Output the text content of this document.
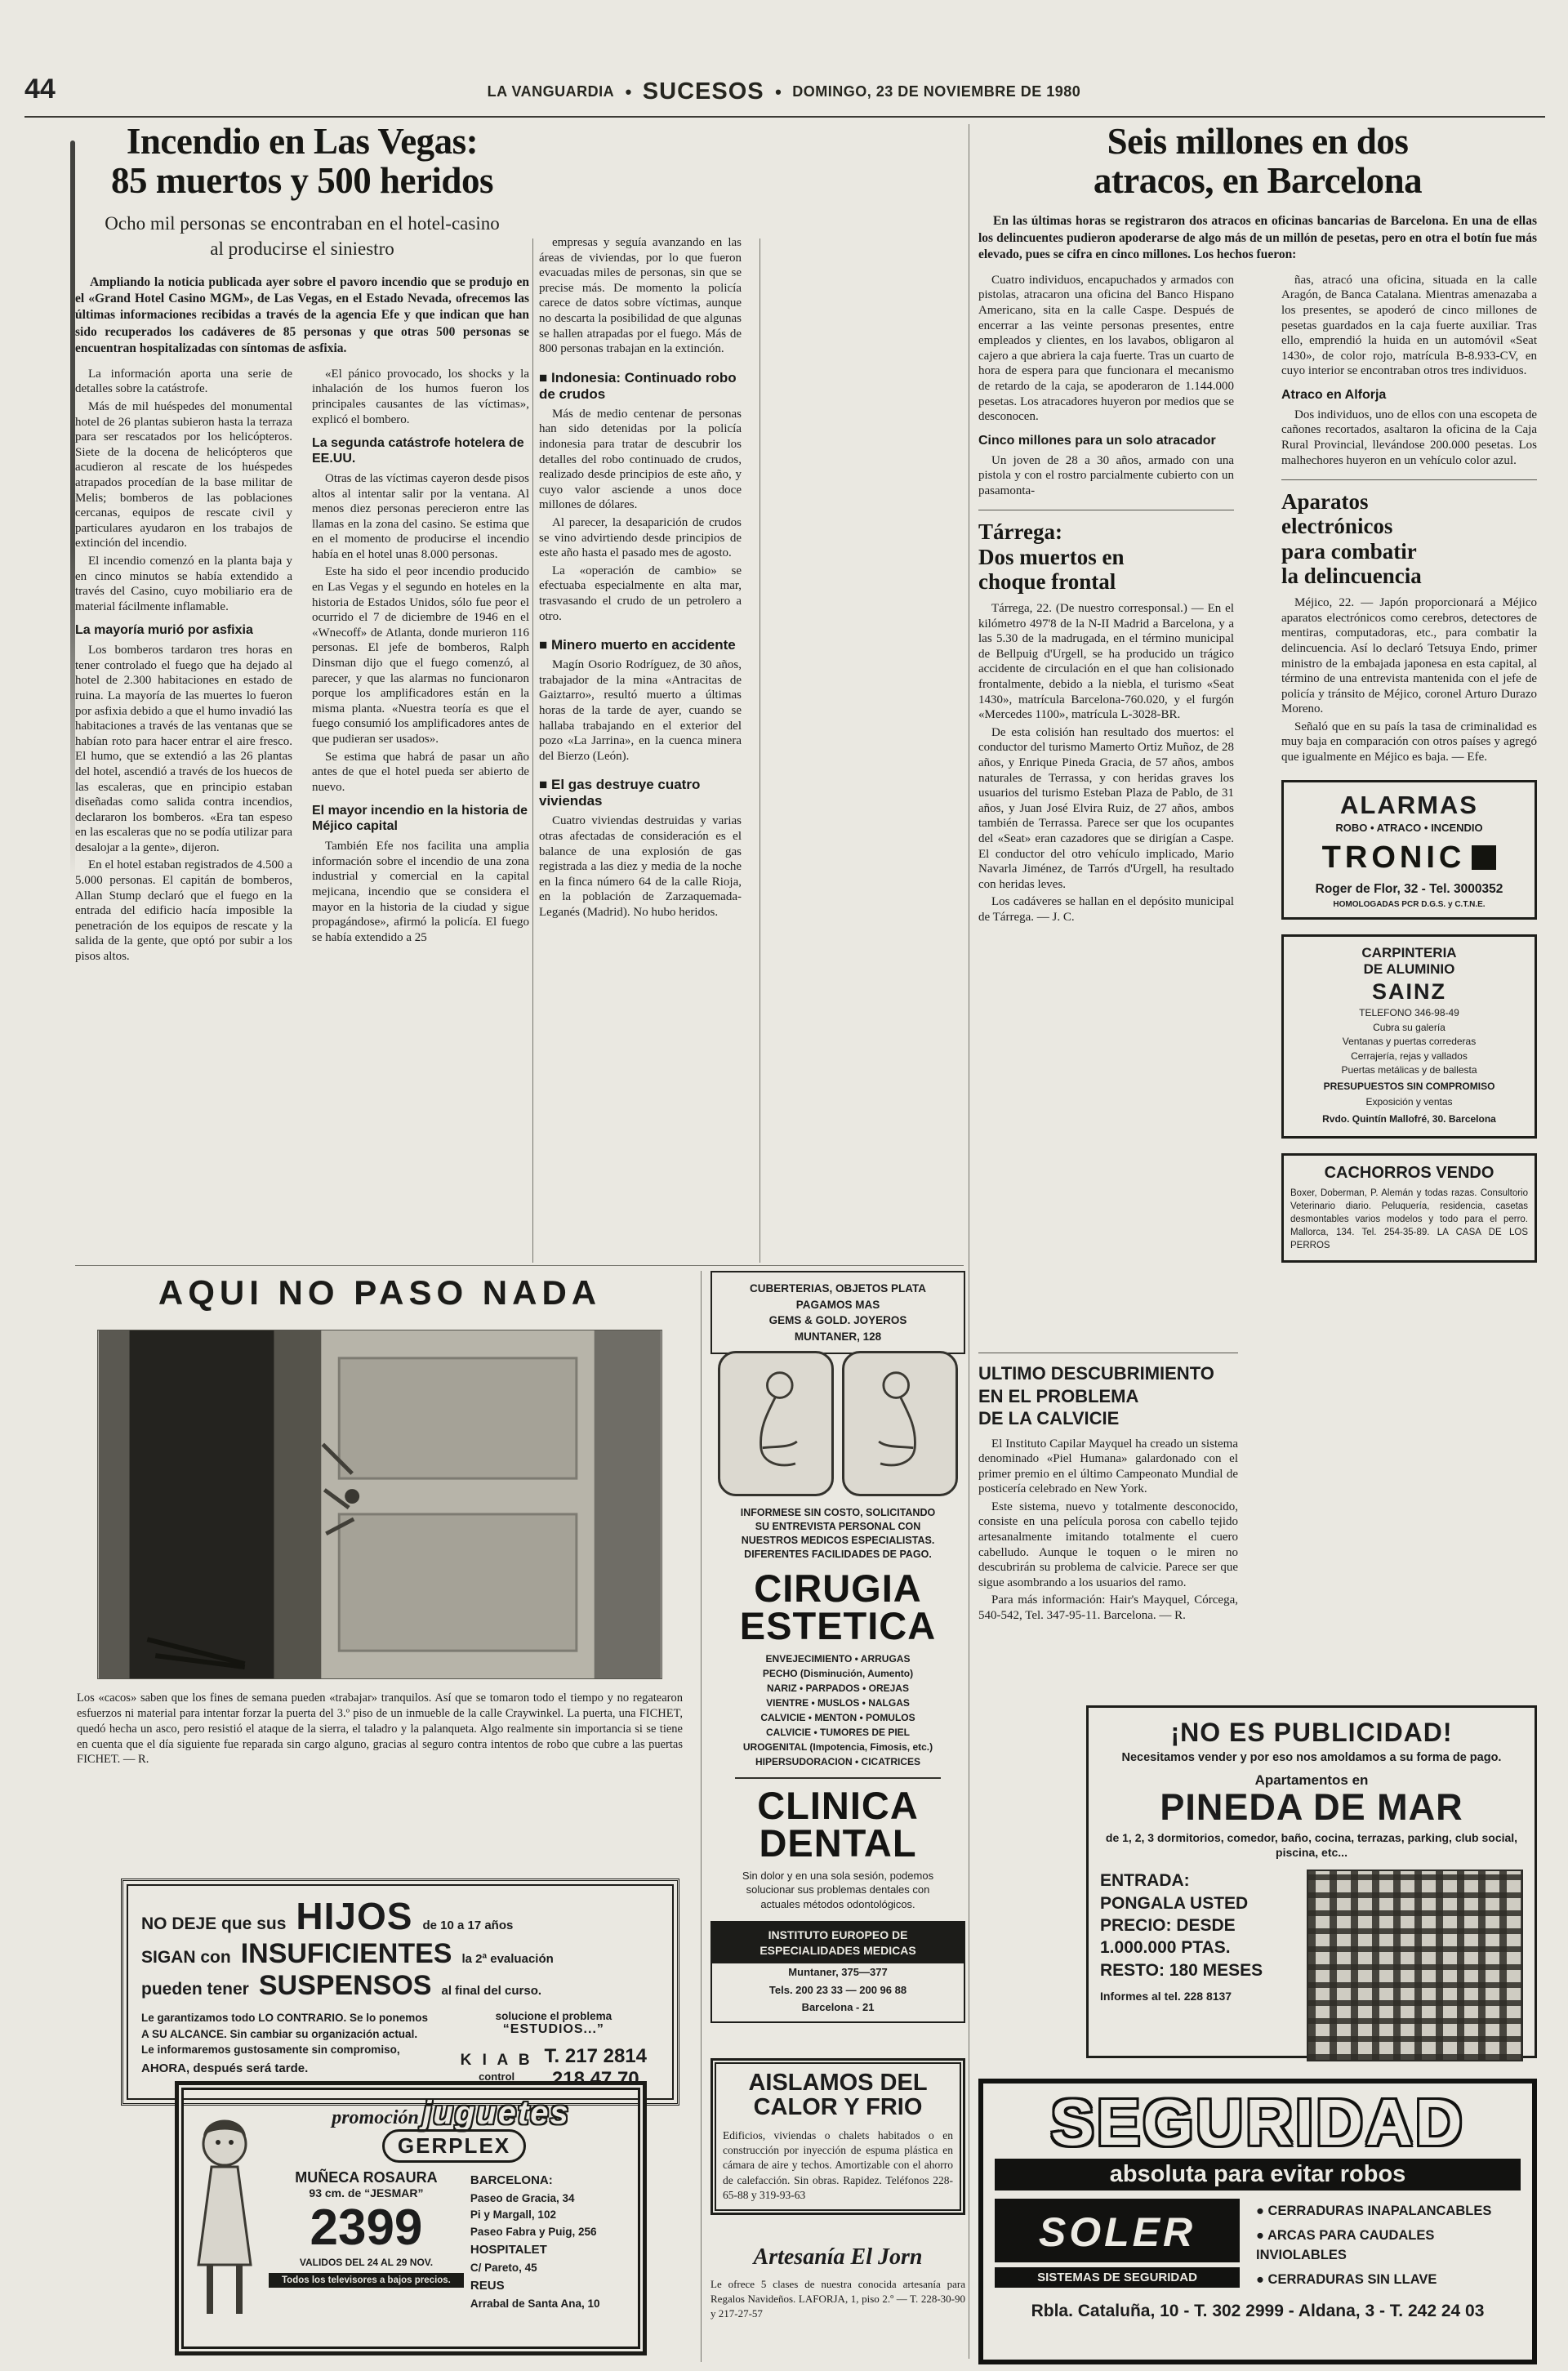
44	LA VANGUARDIA • SUCESOS • DOMINGO, 23 DE NOVIEMBRE DE 1980
Incendio en Las Vegas:
85 muertos y 500 heridos
Ocho mil personas se encontraban en el hotel-casino
al producirse el siniestro

Ampliando la noticia publicada ayer sobre el pavoro incendio que se produjo en el «Grand Hotel Casino MGM», de Las Vegas, en el Estado Nevada, ofrecemos las últimas informaciones recibidas a través de la agencia Efe y que indican que han sido recuperados los cadáveres de 85 personas y que otras 500 personas se encuentran hospitalizadas con síntomas de asfixia.

La información aporta una serie de detalles sobre la catástrofe.

Más de mil huéspedes del monumental hotel de 26 plantas subieron hasta la terraza para ser rescatados por los helicópteros. Siete de la docena de helicópteros que acudieron al rescate de los huéspedes atrapados procedían de la base militar de Melis; bomberos de las poblaciones cercanas, equipos de rescate civil y particulares ayudaron en los trabajos de extinción del incendio.

El incendio comenzó en la planta baja y en cinco minutos se había extendido a través del Casino, cuyo mobiliario era de material fácilmente inflamable.

La mayoría murió por asfixia

Los bomberos tardaron tres horas en tener controlado el fuego que ha dejado al hotel de 2.300 habitaciones en estado de ruina. La mayoría de las muertes lo fueron por asfixia debido a que el humo invadió las habitaciones a través de las ventanas que se habían roto para hacer entrar el aire fresco. El humo, que se extendió a las 26 plantas del hotel, ascendió a través de los huecos de las escaleras, que en principio estaban diseñadas como salida contra incendios, declararon los bomberos. «Era tan espeso en las escaleras que no se podía utilizar para desalojar a la gente», dijeron.

En el hotel estaban registrados de 4.500 a 5.000 personas. El capitán de bomberos, Allan Stump declaró que el fuego en la entrada del edificio hacía imposible la penetración de los equipos de rescate y la salida de la gente, que optó por subir a los pisos altos.

«El pánico provocado, los shocks y la inhalación de los humos fueron los principales causantes de las víctimas», explicó el bombero.

La segunda catástrofe hotelera de EE.UU.

Otras de las víctimas cayeron desde pisos altos al intentar salir por la ventana. Al menos diez personas perecieron entre las llamas en la zona del casino. Se estima que en el momento de producirse el incendio había en el hotel unas 8.000 personas.

Este ha sido el peor incendio producido en Las Vegas y el segundo en hoteles en la historia de Estados Unidos, sólo fue peor el ocurrido el 7 de diciembre de 1946 en el «Wnecoff» de Atlanta, donde murieron 116 personas. El jefe de bomberos, Ralph Dinsman dijo que el fuego comenzó, al parecer, y que las alarmas no funcionaron porque los amplificadores están en la misma planta. «Nuestra teoría es que el fuego consumió los amplificadores antes de que pudieran ser usados».

Se estima que habrá de pasar un año antes de que el hotel pueda ser abierto de nuevo.

El mayor incendio en la historia de Méjico capital

También Efe nos facilita una amplia información sobre el incendio de una zona industrial y comercial en la capital mejicana, incendio que se considera el mayor en la historia de la ciudad y sigue propagándose», afirmó la policía. El fuego se había extendido a 25

empresas y seguía avanzando en las áreas de viviendas, por lo que fueron evacuadas miles de personas, sin que se precise más. De momento la policía carece de datos sobre víctimas, aunque no descarta la posibilidad de que algunas se hallen atrapadas por el fuego. Más de 800 personas trabajan en la extinción.

■ Indonesia: Continuado robo de crudos

Más de medio centenar de personas han sido detenidas por la policía indonesia para tratar de descubrir los detalles del robo continuado de crudos, realizado desde principios de este año, y cuyo valor asciende a unos doce millones de dólares.

Al parecer, la desaparición de crudos se vino advirtiendo desde principios de este año hasta el pasado mes de agosto.

La «operación de cambio» se efectuaba especialmente en alta mar, trasvasando el crudo de un petrolero a otro.

■ Minero muerto en accidente

Magín Osorio Rodríguez, de 30 años, trabajador de la mina «Antracitas de Gaiztarro», resultó muerto a últimas horas de la tarde de ayer, cuando se hallaba trabajando en el exterior del pozo «La Jarrina», en la cuenca minera del Bierzo (León).

■ El gas destruye cuatro viviendas

Cuatro viviendas destruidas y varias otras afectadas de consideración es el balance de una explosión de gas registrada a las diez y media de la noche en la finca número 64 de la calle Rioja, en la población de Zarzaquemada-Leganés (Madrid). No hubo heridos.

Seis millones en dos
atracos, en Barcelona

En las últimas horas se registraron dos atracos en oficinas bancarias de Barcelona. En una de ellas los delincuentes pudieron apoderarse de algo más de un millón de pesetas, pero en otra el botín fue más elevado, pues se cifra en cinco millones. Los hechos fueron:

Cuatro individuos, encapuchados y armados con pistolas, atracaron una oficina del Banco Hispano Americano, sita en la calle Caspe. Después de encerrar a las veinte personas presentes, entre empleados y clientes, en los lavabos, obligaron al cajero a que abriera la caja fuerte. Tras un cuarto de hora de espera para que funcionara el mecanismo de retardo de la caja, se apoderaron de 1.144.000 pesetas. Los atracadores huyeron por medios que se desconocen.

Cinco millones para un solo atracador

Un joven de 28 a 30 años, armado con una pistola y con el rostro parcialmente cubierto con un pasamonta-

Tárrega:
Dos muertos en
choque frontal

Tárrega, 22. (De nuestro corresponsal.) — En el kilómetro 497'8 de la N-II Madrid a Barcelona, y a las 5.30 de la madrugada, en el término municipal de Bellpuig d'Urgell, se ha producido un trágico accidente de circulación en el que han colisionado frontalmente, debido a la niebla, el turismo «Seat 1430», matrícula Barcelona-760.020, y el furgón «Mercedes 1100», matrícula L-3028-BR.

De esta colisión han resultado dos muertos: el conductor del turismo Mamerto Ortiz Muñoz, de 28 años, y Enrique Pineda Gracia, de 57 años, ambos naturales de Terrassa, y con heridas graves los usuarios del turismo Esteban Plaza de Pablo, de 31 años, y Juan José Elvira Ruiz, de 27 años, ambos también de Terrassa. Parece ser que los ocupantes del «Seat» eran cazadores que se dirigían a Caspe. El conductor del otro vehículo implicado, Mario Navarla Jiménez, de Tarrós d'Urgell, ha resultado con heridas leves.

Los cadáveres se hallan en el depósito municipal de Tárrega. — J. C.

ñas, atracó una oficina, situada en la calle Aragón, de Banca Catalana. Mientras amenazaba a los presentes, se apoderó de cinco millones de pesetas guardados en la caja fuerte auxiliar. Tras ello, emprendió la huida en un automóvil «Seat 1430», de color rojo, matrícula B-8.933-CV, en cuyo interior se encontraban otros tres individuos.

Atraco en Alforja

Dos individuos, uno de ellos con una escopeta de cañones recortados, asaltaron la oficina de la Caja Rural Provincial, llevándose 200.000 pesetas. Los malhechores huyeron en un vehículo color azul.

Aparatos
electrónicos
para combatir
la delincuencia

Méjico, 22. — Japón proporcionará a Méjico aparatos electrónicos como cerebros, detectores de mentiras, computadoras, etc., para combatir la delincuencia. Así lo declaró Tetsuya Endo, primer ministro de la embajada japonesa en esta capital, al término de una entrevista mantenida con el jefe de policía y tránsito de Méjico, coronel Arturo Durazo Moreno.

Señaló que en su país la tasa de criminalidad es muy baja en comparación con otros países y agregó que igualmente en Méjico es baja. — Efe.

ALARMAS
ROBO • ATRACO • INCENDIO
TRONIC
Roger de Flor, 32 - Tel. 3000352
HOMOLOGADAS PCR D.G.S. y C.T.N.E.
CARPINTERIA
DE ALUMINIO
SAINZ
TELEFONO 346-98-49
Cubra su galería
Ventanas y puertas correderas
Cerrajería, rejas y vallados
Puertas metálicas y de ballesta
PRESUPUESTOS SIN COMPROMISO
Exposición y ventas
Rvdo. Quintín Mallofré, 30. Barcelona
CACHORROS VENDO
Boxer, Doberman, P. Alemán y todas razas. Consultorio Veterinario diario. Peluquería, residencia, casetas desmontables varios modelos y todo para el perro. Mallorca, 134. Tel. 254-35-89. LA CASA DE LOS PERROS
ULTIMO DESCUBRIMIENTO
EN EL PROBLEMA
DE LA CALVICIE

El Instituto Capilar Mayquel ha creado un sistema denominado «Piel Humana» galardonado con el primer premio en el último Campeonato Mundial de posticería celebrado en New York.

Este sistema, nuevo y totalmente desconocido, consiste en una película porosa con cabello tejido artesanalmente imitando totalmente el cuero cabelludo. Aunque le toquen o le miren no descubrirán su problema de calvicie. Parece ser que sigue asombrando a los usuarios del ramo.

Para más información: Hair's Mayquel, Córcega, 540-542, Tel. 347-95-11. Barcelona. — R.

AQUI NO PASO NADA

Los «cacos» saben que los fines de semana pueden «trabajar» tranquilos. Así que se tomaron todo el tiempo y no regatearon esfuerzos ni material para intentar forzar la puerta del 3.º piso de un inmueble de la calle Craywinkel. La puerta, una FICHET, quedó hecha un asco, pero resistió el ataque de la sierra, el taladro y la palanqueta. Algo realmente sin importancia si se tiene en cuenta que el día siguiente fue reparada sin cargo alguno, gracias al seguro contra intentos de robo que cubre a las puertas FICHET. — R.

CUBERTERIAS, OBJETOS PLATA
PAGAMOS MAS
GEMS & GOLD. JOYEROS
MUNTANER, 128
INFORMESE SIN COSTO, SOLICITANDO SU ENTREVISTA PERSONAL CON NUESTROS MEDICOS ESPECIALISTAS. DIFERENTES FACILIDADES DE PAGO.
CIRUGIA
ESTETICA
ENVEJECIMIENTO • ARRUGAS
PECHO (Disminución, Aumento)
NARIZ • PARPADOS • OREJAS
VIENTRE • MUSLOS • NALGAS
CALVICIE • MENTON • POMULOS
CALVICIE • TUMORES DE PIEL
UROGENITAL (Impotencia, Fimosis, etc.)
HIPERSUDORACION • CICATRICES
CLINICA
DENTAL
Sin dolor y en una sola sesión, podemos solucionar sus problemas dentales con actuales métodos odontológicos.
INSTITUTO EUROPEO DE ESPECIALIDADES MEDICAS
Muntaner, 375—377
Tels. 200 23 33 — 200 96 88
Barcelona - 21
¡NO ES PUBLICIDAD!
Necesitamos vender y por eso nos amoldamos a su forma de pago.
Apartamentos en
PINEDA DE MAR
de 1, 2, 3 dormitorios, comedor, baño, cocina, terrazas, parking, club social, piscina, etc...
ENTRADA:
PONGALA USTED
PRECIO: DESDE
1.000.000 PTAS.
RESTO: 180 MESES
Informes al tel. 228 8137
NO DEJE que sus HIJOS de 10 a 17 años
SIGAN con INSUFICIENTES la 2ª evaluación
pueden tener SUSPENSOS al final del curso.
Le garantizamos todo LO CONTRARIO. Se lo ponemos
A SU ALCANCE. Sin cambiar su organización actual.
Le informaremos gustosamente sin compromiso,
AHORA, después será tarde.
solucione el problema
“ESTUDIOS...”
K I A B
control
T. 217 2814
218 47 70
promoción juguetes GERPLEX
MUÑECA ROSAURA
93 cm. de “JESMAR”
2399
VALIDOS DEL 24 AL 29 NOV.
Todos los televisores a bajos precios.
BARCELONA:
Paseo de Gracia, 34
Pi y Margall, 102
Paseo Fabra y Puig, 256
HOSPITALET
C/ Pareto, 45
REUS
Arrabal de Santa Ana, 10
AISLAMOS DEL
CALOR Y FRIO
Edificios, viviendas o chalets habitados o en construcción por inyección de espuma plástica en cámara de aire y techos. Amortizable con el ahorro de calefacción. Sin obras. Rapidez. Teléfonos 228-65-88 y 319-93-63
Artesanía El Jorn
Le ofrece 5 clases de nuestra conocida artesanía para Regalos Navideños. LAFORJA, 1, piso 2.º — T. 228-30-90 y 217-27-57
SEGURIDAD
absoluta para evitar robos
SOLER
SISTEMAS DE SEGURIDAD
● CERRADURAS INAPALANCABLES
● ARCAS PARA CAUDALES INVIOLABLES
● CERRADURAS SIN LLAVE
Rbla. Cataluña, 10 - T. 302 2999 - Aldana, 3 - T. 242 24 03
